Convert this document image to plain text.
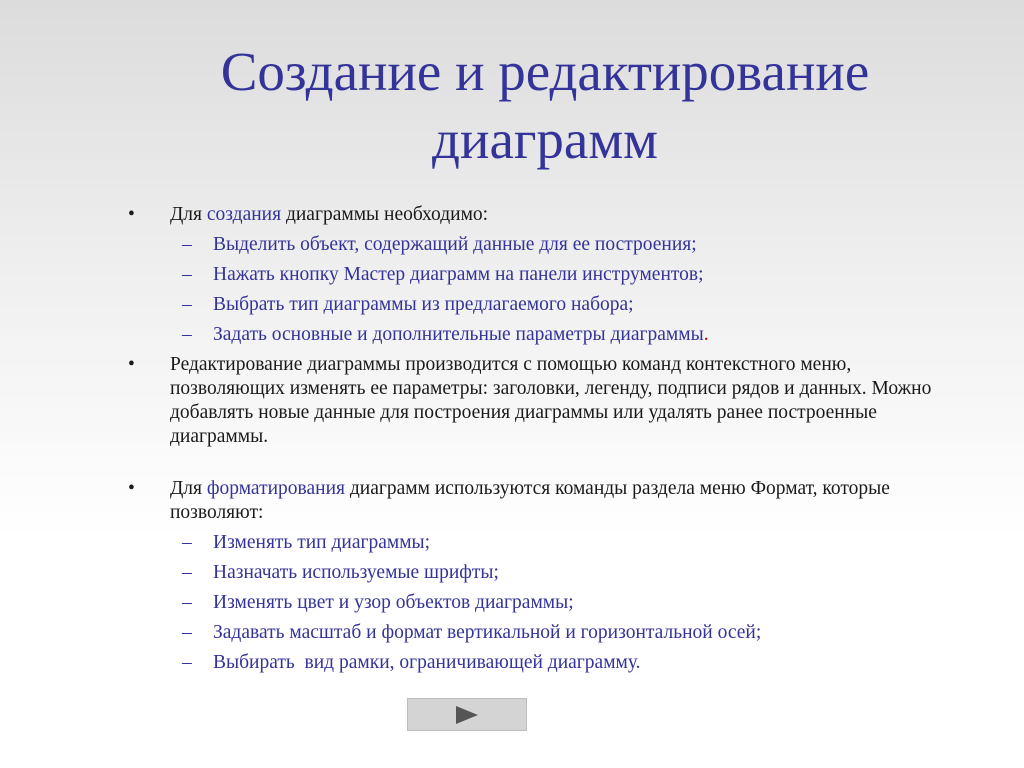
Создание и редактирование
диаграмм
• Для создания диаграммы необходимо:
– Выделить объект, содержащий данные для ее построения;
– Нажать кнопку Мастер диаграмм на панели инструментов;
– Выбрать тип диаграммы из предлагаемого набора;
– Задать основные и дополнительные параметры диаграммы.
• Редактирование диаграммы производится с помощью команд контекстного меню, позволяющих изменять ее параметры: заголовки, легенду, подписи рядов и данных. Можно добавлять новые данные для построения диаграммы или удалять ранее построенные диаграммы.
• Для форматирования диаграмм используются команды раздела меню Формат, которые позволяют:
– Изменять тип диаграммы;
– Назначать используемые шрифты;
– Изменять цвет и узор объектов диаграммы;
– Задавать масштаб и формат вертикальной и горизонтальной осей;
– Выбирать  вид рамки, ограничивающей диаграмму.
